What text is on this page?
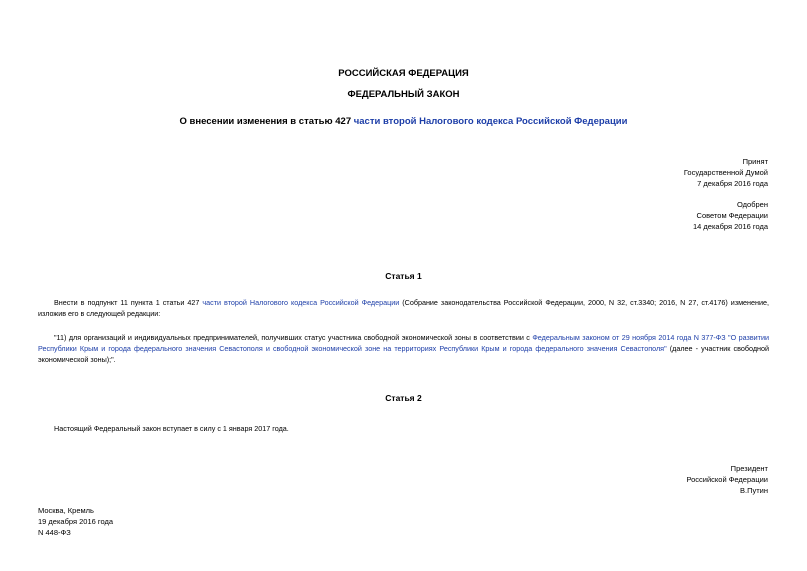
РОССИЙСКАЯ ФЕДЕРАЦИЯ
ФЕДЕРАЛЬНЫЙ ЗАКОН
О внесении изменения в статью 427 части второй Налогового кодекса Российской Федерации
Принят
Государственной Думой
7 декабря 2016 года
Одобрен
Советом Федерации
14 декабря 2016 года
Статья 1
Внести в подпункт 11 пункта 1 статьи 427 части второй Налогового кодекса Российской Федерации (Собрание законодательства Российской Федерации, 2000, N 32, ст.3340; 2016, N 27, ст.4176) изменение, изложив его в следующей редакции:
"11) для организаций и индивидуальных предпринимателей, получивших статус участника свободной экономической зоны в соответствии с Федеральным законом от 29 ноября 2014 года N 377-ФЗ "О развитии Республики Крым и города федерального значения Севастополя и свободной экономической зоне на территориях Республики Крым и города федерального значения Севастополя" (далее - участник свободной экономической зоны);".
Статья 2
Настоящий Федеральный закон вступает в силу с 1 января 2017 года.
Президент
Российской Федерации
В.Путин
Москва, Кремль
19 декабря 2016 года
N 448-ФЗ
